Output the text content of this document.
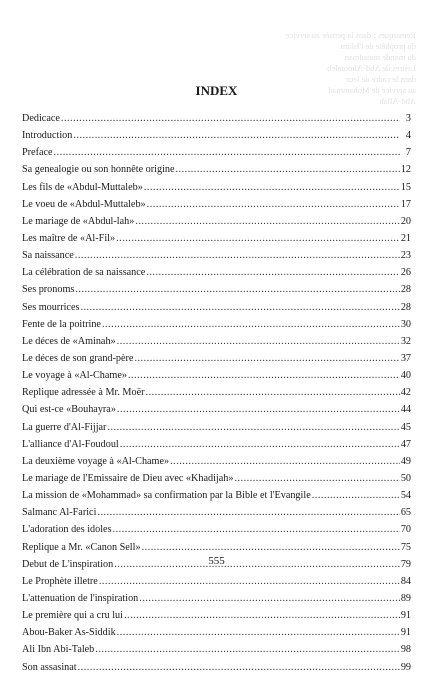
Remarques : dans la pensée au service
du prophète de l'Islam
du monde musulman
Lettres de Abd-Almotaleb
dans le cadre de leur
au service de Mohammad
Abd-Allah
INDEX
Dedicace .....	3
Introduction .....	4
Preface .....	7
Sa genealogie ou son honnête origine .....	12
Les fils de «Abdul-Muttaleb» .....	15
Le voeu de «Abdul-Muttaleb» .....	17
Le mariage de «Abdul-lah» .....	20
Les maître de «Al-Fil» .....	21
Sa naissance .....	23
La célébration de sa naissance .....	26
Ses pronoms .....	28
Ses mourrices .....	28
Fente de la poitrine .....	30
Le déces de «Aminah» .....	32
Le déces de son grand-père .....	37
Le voyage à «Al-Chame» .....	40
Replique adressée à Mr. Moër .....	42
Qui est-ce «Bouhayra» .....	44
La guerre d'Al-Fijjar .....	45
L'alliance d'Al-Foudoul .....	47
La deuxième voyage à «Al-Chame» .....	49
Le mariage de l'Emissaire de Dieu avec «Khadijah» .....	50
La mission de «Mohammad» sa confirmation par la Bible et l'Evangile .....	54
Salmanc Al-Farici .....	65
L'adoration des idoles .....	70
Replique a Mr. «Canon Sell» .....	75
Debut de L'inspiration .....	79
Le Prophète illetre .....	84
L'attenuation de l'inspiration .....	89
Le première qui a cru lui .....	91
Abou-Baker As-Siddik .....	91
Ali Ibn Abi-Taleb .....	98
Son assasinat .....	99
555
